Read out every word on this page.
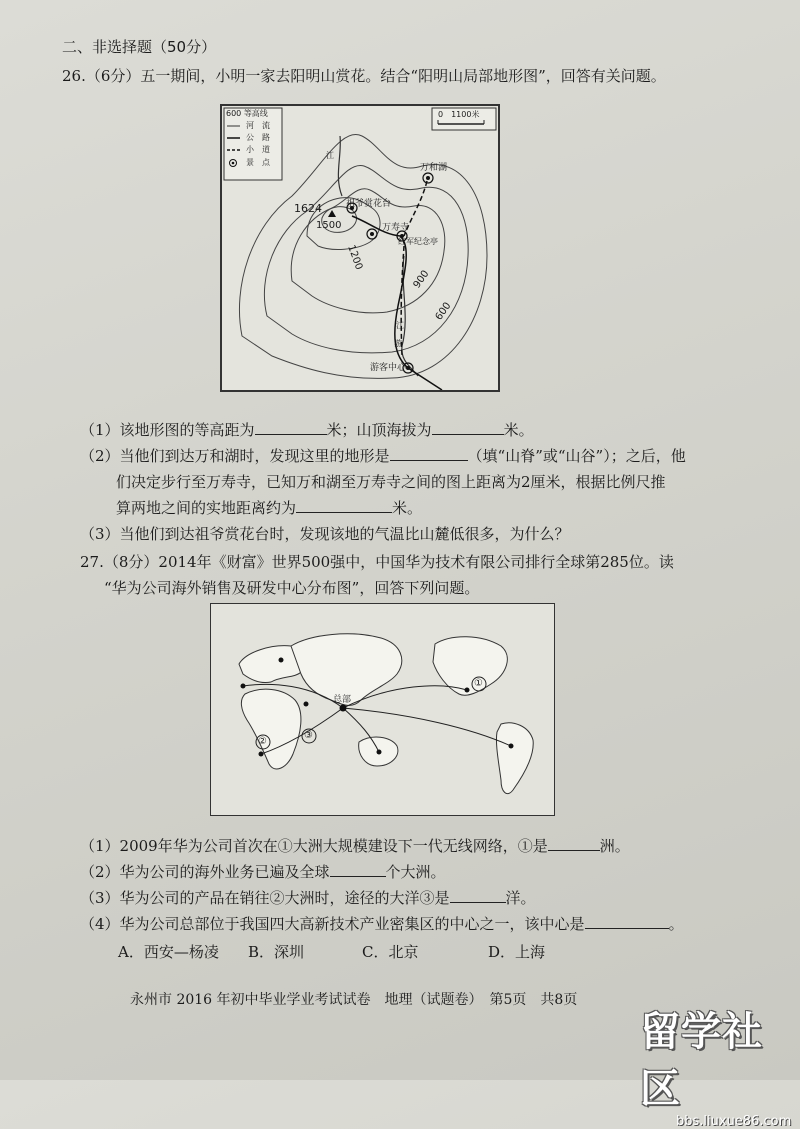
二、非选择题（50分）
26.（6分）五一期间，小明一家去阳明山赏花。结合“阳明山局部地形图”，回答有关问题。
600 等高线
河　流
公　路
小　道
景　点
0　1100米
1624
1500
1200
900
600
祖爷赏花台
万寿寺
万和湖
红军纪念亭
游客中心
江
江
游
（1）该地形图的等高距为	米；山顶海拔为	米。
（2）当他们到达万和湖时，发现这里的地形是	（填“山脊”或“山谷”）；之后，他
们决定步行至万寿寺，已知万和湖至万寿寺之间的图上距离为2厘米，根据比例尺推
算两地之间的实地距离约为	米。
（3）当他们到达祖爷赏花台时，发现该地的气温比山麓低很多，为什么？
27.（8分）2014年《财富》世界500强中，中国华为技术有限公司排行全球第285位。读
“华为公司海外销售及研发中心分布图”，回答下列问题。
总部
①
②
③
（1）2009年华为公司首次在①大洲大规模建设下一代无线网络，①是	洲。
（2）华为公司的海外业务已遍及全球	个大洲。
（3）华为公司的产品在销往②大洲时，途径的大洋③是	洋。
（4）华为公司总部位于我国四大高新技术产业密集区的中心之一，该中心是	。
A．西安—杨凌 B．深圳	C．北京	D．上海
永州市 2016 年初中毕业学业考试试卷　地理（试题卷）　第5页　共8页
留学社区
bbs.liuxue86.com
